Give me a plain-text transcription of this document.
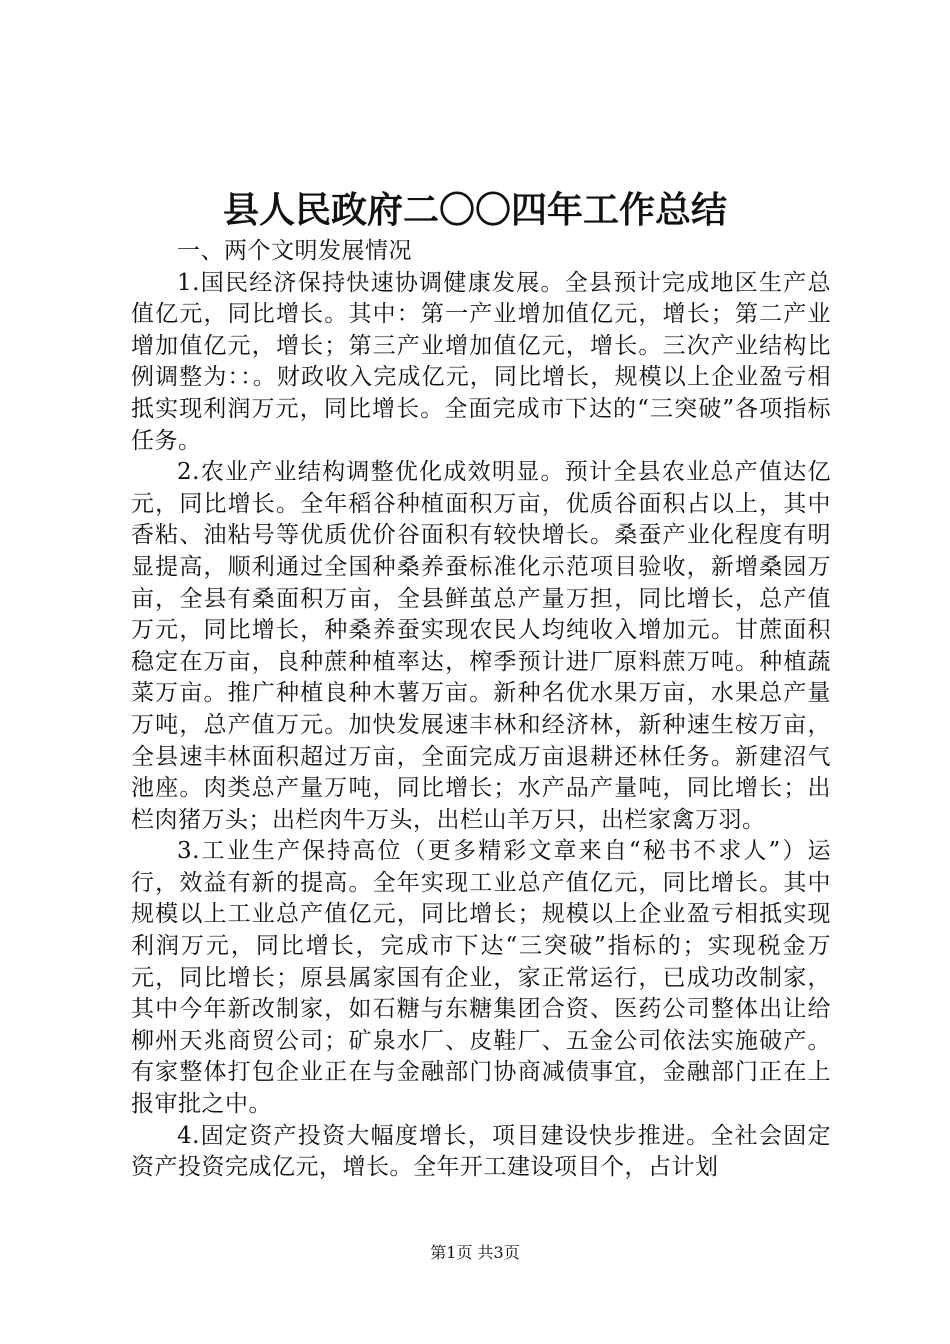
县人民政府二〇〇四年工作总结

一、两个文明发展情况

1.国民经济保持快速协调健康发展。全县预计完成地区生产总值亿元，同比增长。其中：第一产业增加值亿元，增长；第二产业增加值亿元，增长；第三产业增加值亿元，增长。三次产业结构比例调整为：：。财政收入完成亿元，同比增长，规模以上企业盈亏相抵实现利润万元，同比增长。全面完成市下达的“三突破”各项指标任务。

2.农业产业结构调整优化成效明显。预计全县农业总产值达亿元，同比增长。全年稻谷种植面积万亩，优质谷面积占以上，其中香粘、油粘号等优质优价谷面积有较快增长。桑蚕产业化程度有明显提高，顺利通过全国种桑养蚕标准化示范项目验收，新增桑园万亩，全县有桑面积万亩，全县鲜茧总产量万担，同比增长，总产值万元，同比增长，种桑养蚕实现农民人均纯收入增加元。甘蔗面积稳定在万亩，良种蔗种植率达，榨季预计进厂原料蔗万吨。种植蔬菜万亩。推广种植良种木薯万亩。新种名优水果万亩，水果总产量万吨，总产值万元。加快发展速丰林和经济林，新种速生桉万亩，全县速丰林面积超过万亩，全面完成万亩退耕还林任务。新建沼气池座。肉类总产量万吨，同比增长；水产品产量吨，同比增长；出栏肉猪万头；出栏肉牛万头，出栏山羊万只，出栏家禽万羽。

3.工业生产保持高位（更多精彩文章来自“秘书不求人”）运行，效益有新的提高。全年实现工业总产值亿元，同比增长。其中规模以上工业总产值亿元，同比增长；规模以上企业盈亏相抵实现利润万元，同比增长，完成市下达“三突破”指标的；实现税金万元，同比增长；原县属家国有企业，家正常运行，已成功改制家，其中今年新改制家，如石糖与东糖集团合资、医药公司整体出让给柳州天兆商贸公司；矿泉水厂、皮鞋厂、五金公司依法实施破产。有家整体打包企业正在与金融部门协商减债事宜，金融部门正在上报审批之中。

4.固定资产投资大幅度增长，项目建设快步推进。全社会固定资产投资完成亿元，增长。全年开工建设项目个，占计划

第1页 共3页
